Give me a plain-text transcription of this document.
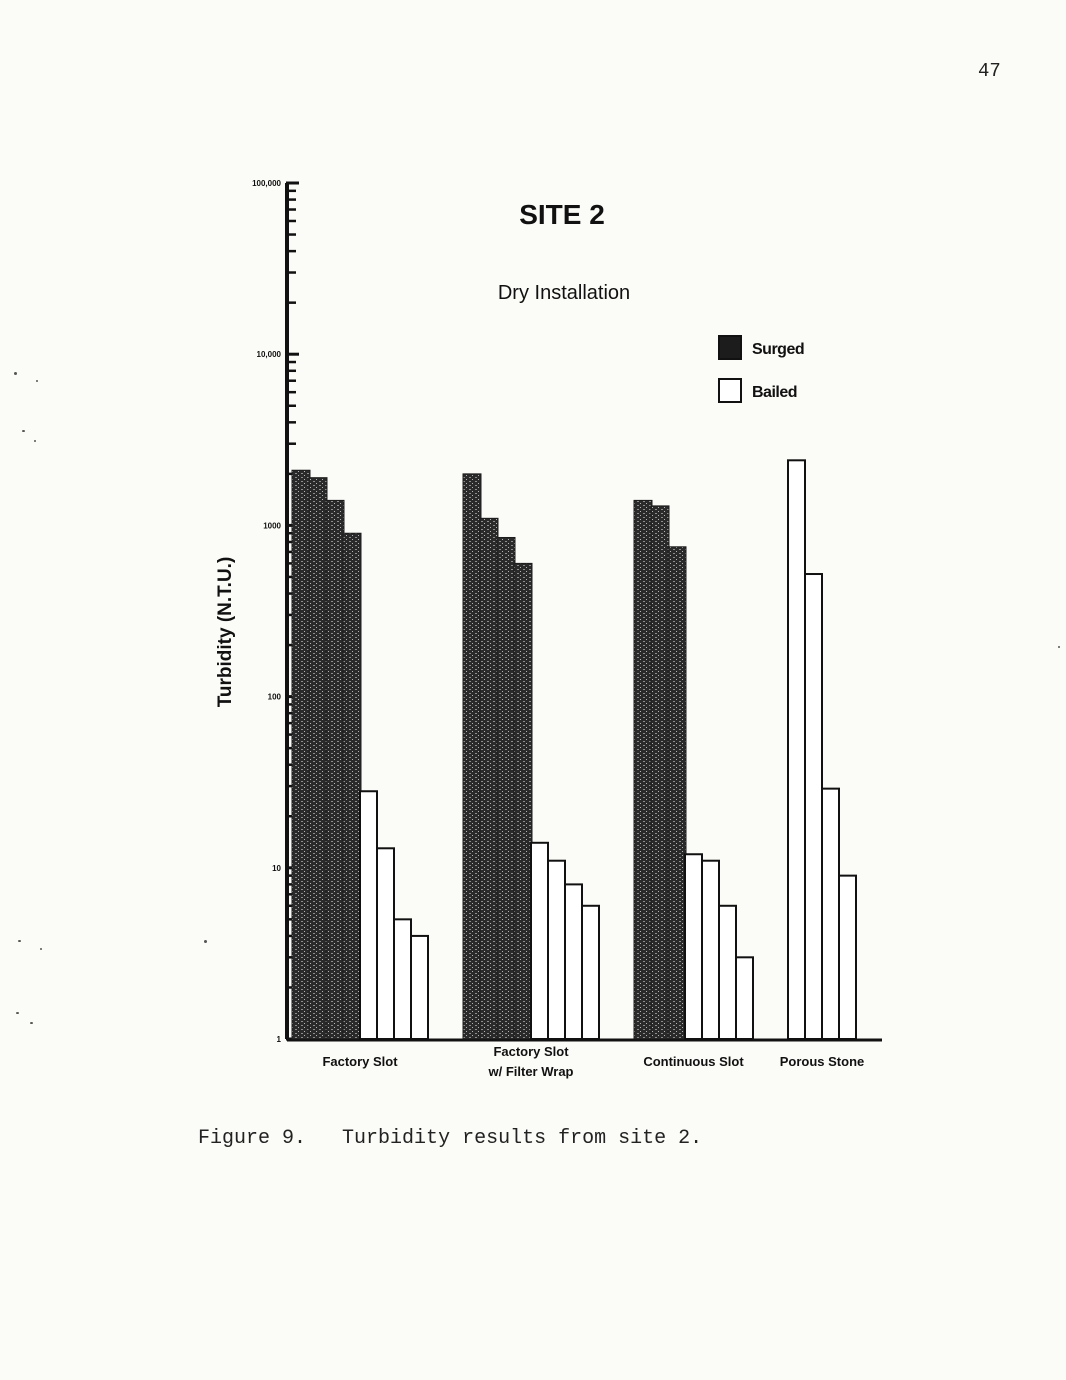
47
SITE 2
Dry Installation
Turbidity (N.T.U.)
1
10
100
1000
10,000
100,000
Factory Slot
Factory Slot
w/ Filter Wrap
Continuous Slot	Porous Stone
Surged
Bailed
Figure 9. Turbidity results from site 2.
